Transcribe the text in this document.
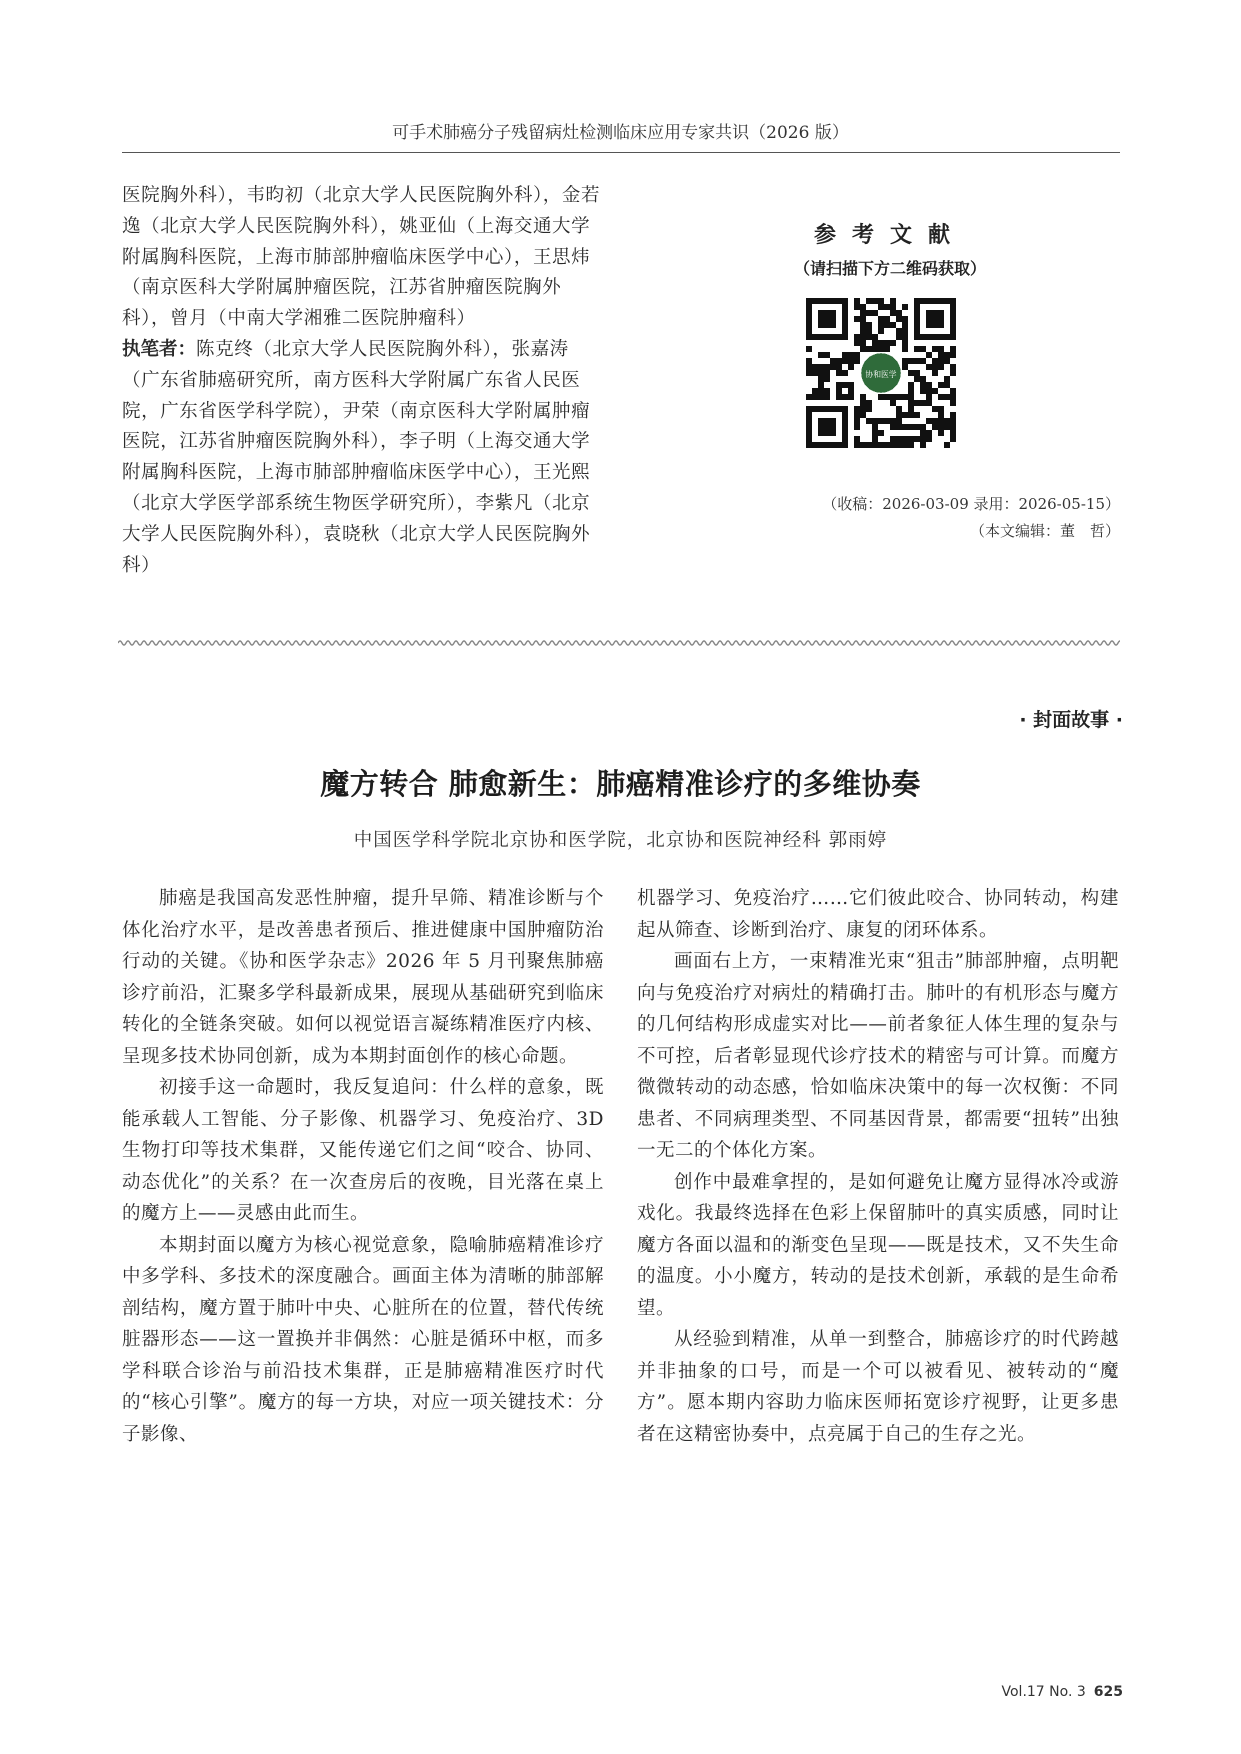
可手术肺癌分子残留病灶检测临床应用专家共识（2026 版）

医院胸外科），韦昀初（北京大学人民医院胸外科），金若逸（北京大学人民医院胸外科），姚亚仙（上海交通大学附属胸科医院，上海市肺部肿瘤临床医学中心），王思炜（南京医科大学附属肿瘤医院，江苏省肿瘤医院胸外科），曾月（中南大学湘雅二医院肿瘤科）

执笔者：陈克终（北京大学人民医院胸外科），张嘉涛（广东省肺癌研究所，南方医科大学附属广东省人民医院，广东省医学科学院），尹荣（南京医科大学附属肿瘤医院，江苏省肿瘤医院胸外科），李子明（上海交通大学附属胸科医院，上海市肺部肿瘤临床医学中心），王光熙（北京大学医学部系统生物医学研究所），李紫凡（北京大学人民医院胸外科），袁晓秋（北京大学人民医院胸外科）

参考文献
（请扫描下方二维码获取）
协和医学
（收稿：2026-03-09 录用：2026-05-15）
（本文编辑：董　哲）
· 封面故事 ·
魔方转合 肺愈新生：肺癌精准诊疗的多维协奏
中国医学科学院北京协和医学院，北京协和医院神经科 郭雨婷

肺癌是我国高发恶性肿瘤，提升早筛、精准诊断与个体化治疗水平，是改善患者预后、推进健康中国肿瘤防治行动的关键。《协和医学杂志》2026 年 5 月刊聚焦肺癌诊疗前沿，汇聚多学科最新成果，展现从基础研究到临床转化的全链条突破。如何以视觉语言凝练精准医疗内核、呈现多技术协同创新，成为本期封面创作的核心命题。

初接手这一命题时，我反复追问：什么样的意象，既能承载人工智能、分子影像、机器学习、免疫治疗、3D 生物打印等技术集群，又能传递它们之间“咬合、协同、动态优化”的关系？在一次查房后的夜晚，目光落在桌上的魔方上——灵感由此而生。

本期封面以魔方为核心视觉意象，隐喻肺癌精准诊疗中多学科、多技术的深度融合。画面主体为清晰的肺部解剖结构，魔方置于肺叶中央、心脏所在的位置，替代传统脏器形态——这一置换并非偶然：心脏是循环中枢，而多学科联合诊治与前沿技术集群，正是肺癌精准医疗时代的“核心引擎”。魔方的每一方块，对应一项关键技术：分子影像、

机器学习、免疫治疗……它们彼此咬合、协同转动，构建起从筛查、诊断到治疗、康复的闭环体系。

画面右上方，一束精准光束“狙击”肺部肿瘤，点明靶向与免疫治疗对病灶的精确打击。肺叶的有机形态与魔方的几何结构形成虚实对比——前者象征人体生理的复杂与不可控，后者彰显现代诊疗技术的精密与可计算。而魔方微微转动的动态感，恰如临床决策中的每一次权衡：不同患者、不同病理类型、不同基因背景，都需要“扭转”出独一无二的个体化方案。

创作中最难拿捏的，是如何避免让魔方显得冰冷或游戏化。我最终选择在色彩上保留肺叶的真实质感，同时让魔方各面以温和的渐变色呈现——既是技术，又不失生命的温度。小小魔方，转动的是技术创新，承载的是生命希望。

从经验到精准，从单一到整合，肺癌诊疗的时代跨越并非抽象的口号，而是一个可以被看见、被转动的“魔方”。愿本期内容助力临床医师拓宽诊疗视野，让更多患者在这精密协奏中，点亮属于自己的生存之光。

Vol.17 No. 3 625
